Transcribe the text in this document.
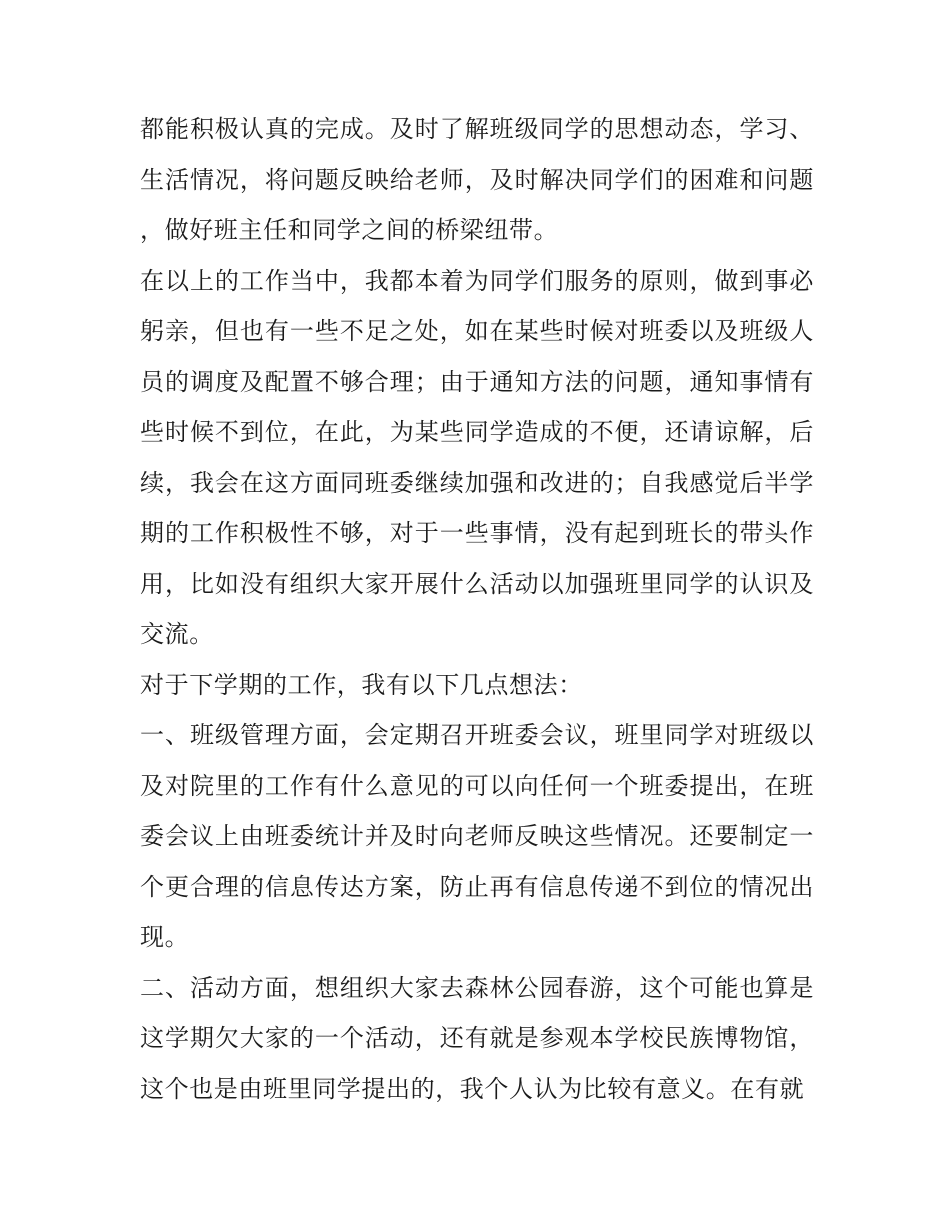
都能积极认真的完成。及时了解班级同学的思想动态，学习、生活情况，将问题反映给老师，及时解决同学们的困难和问题，做好班主任和同学之间的桥梁纽带。

在以上的工作当中，我都本着为同学们服务的原则，做到事必躬亲，但也有一些不足之处，如在某些时候对班委以及班级人员的调度及配置不够合理；由于通知方法的问题，通知事情有些时候不到位，在此，为某些同学造成的不便，还请谅解，后续，我会在这方面同班委继续加强和改进的；自我感觉后半学期的工作积极性不够，对于一些事情，没有起到班长的带头作用，比如没有组织大家开展什么活动以加强班里同学的认识及交流。

对于下学期的工作，我有以下几点想法：

一、班级管理方面，会定期召开班委会议，班里同学对班级以及对院里的工作有什么意见的可以向任何一个班委提出，在班委会议上由班委统计并及时向老师反映这些情况。还要制定一个更合理的信息传达方案，防止再有信息传递不到位的情况出现。

二、活动方面，想组织大家去森林公园春游，这个可能也算是这学期欠大家的一个活动，还有就是参观本学校民族博物馆，这个也是由班里同学提出的，我个人认为比较有意义。在有就
